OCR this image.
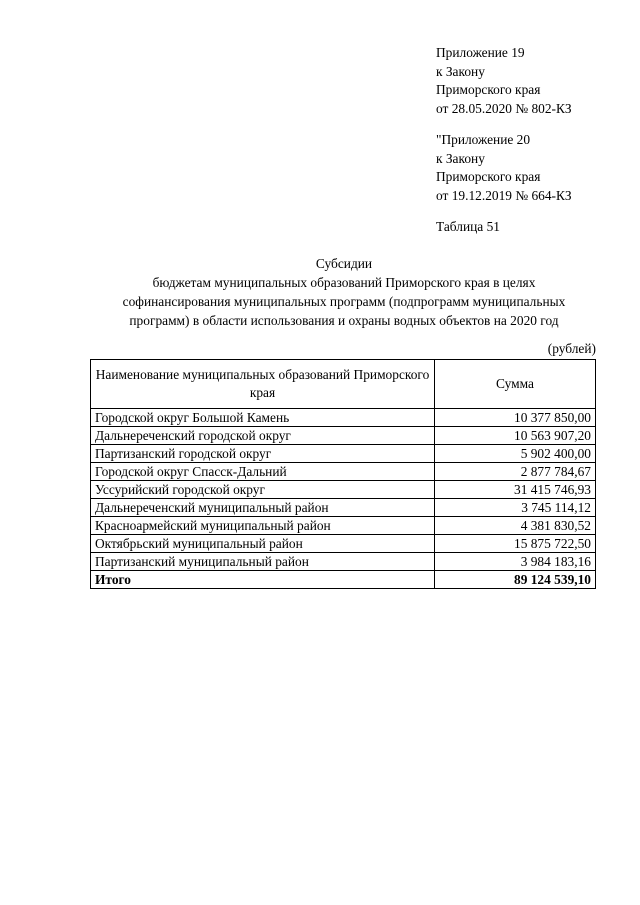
Приложение 19
к Закону
Приморского края
от 28.05.2020 № 802-КЗ
"Приложение 20
к Закону
Приморского края
от 19.12.2019 № 664-КЗ
Таблица 51
Субсидии
бюджетам муниципальных образований Приморского края в целях
софинансирования муниципальных программ (подпрограмм муниципальных
программ) в области использования и охраны водных объектов на 2020 год
(рублей)
Наименование муниципальных образований Приморского края	Сумма
Городской округ Большой Камень	10 377 850,00
Дальнереченский городской округ	10 563 907,20
Партизанский городской округ	5 902 400,00
Городской округ Спасск-Дальний	2 877 784,67
Уссурийский городской округ	31 415 746,93
Дальнереченский муниципальный район	3 745 114,12
Красноармейский муниципальный район	4 381 830,52
Октябрьский муниципальный район	15 875 722,50
Партизанский муниципальный район	3 984 183,16
Итого	89 124 539,10
